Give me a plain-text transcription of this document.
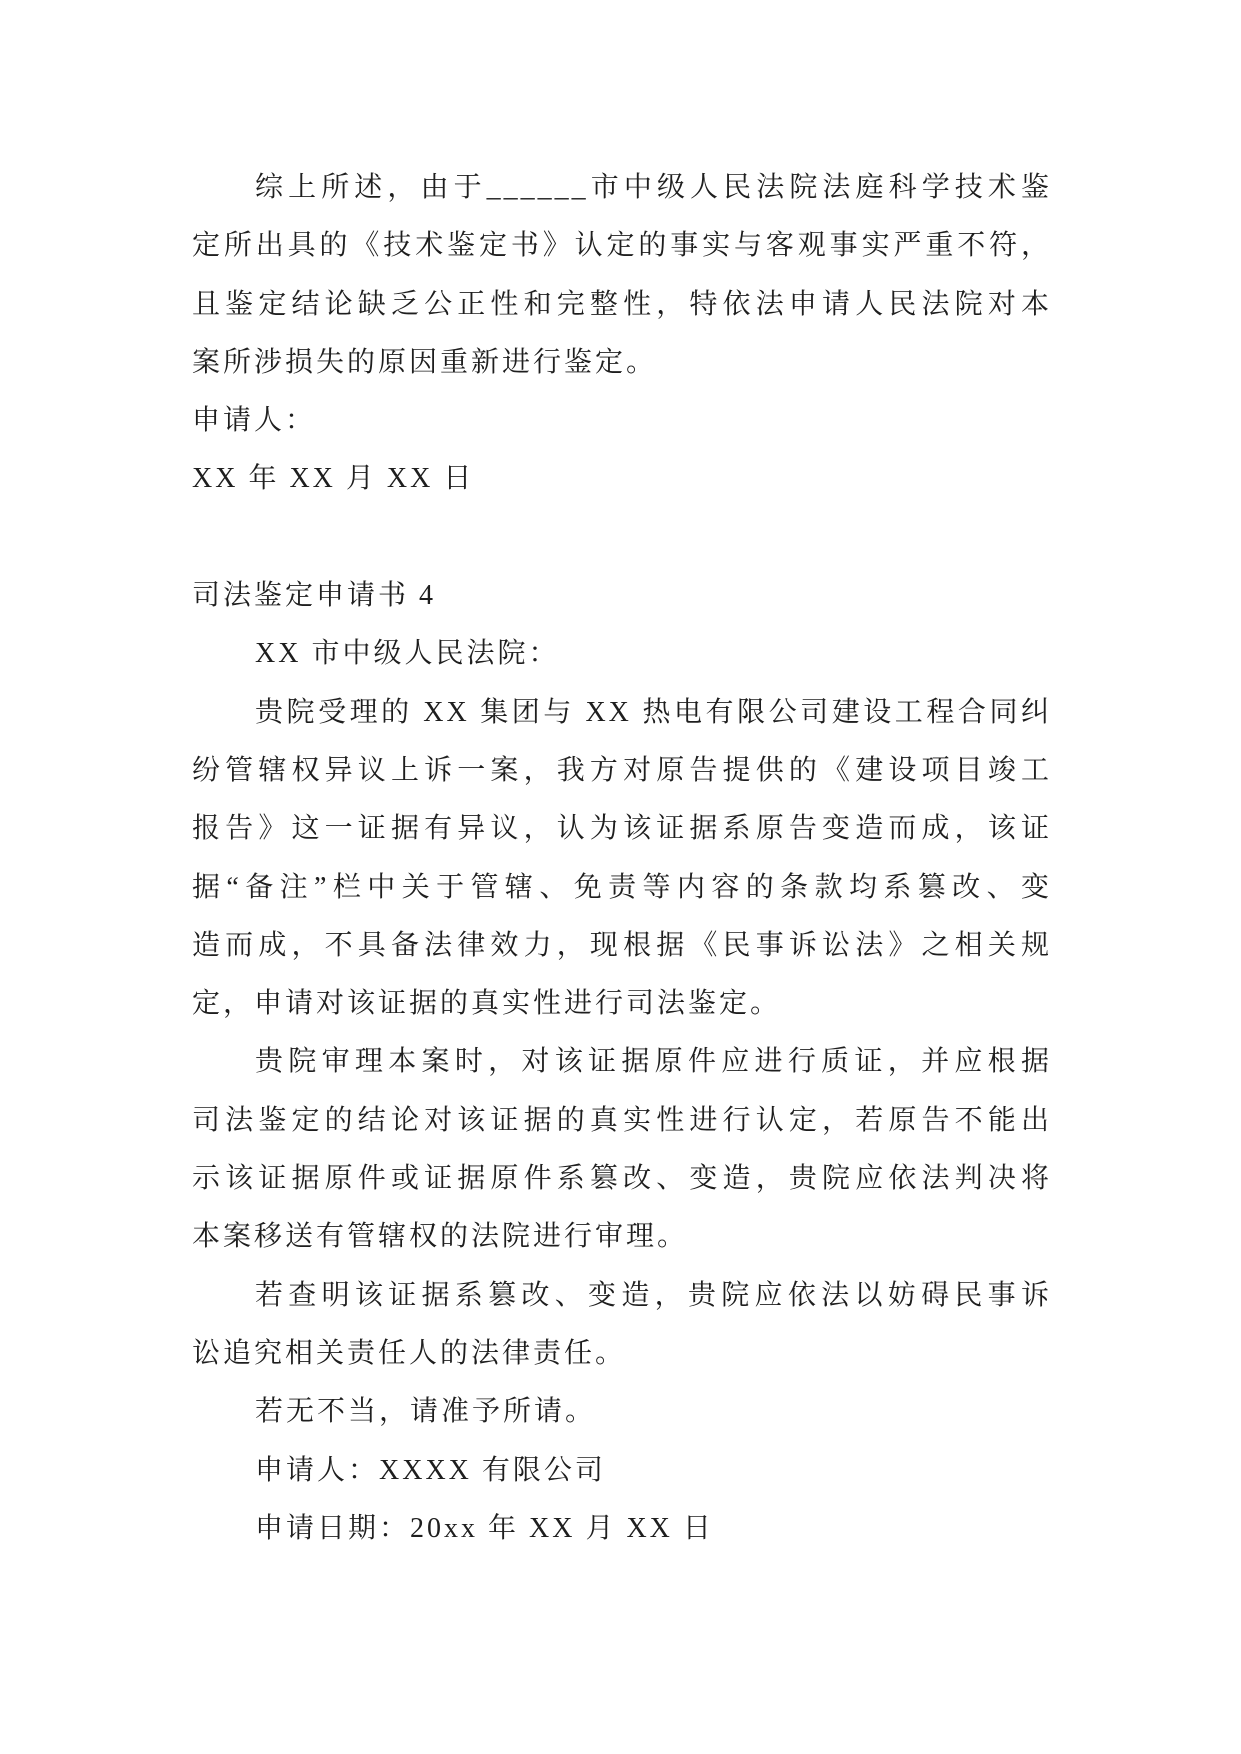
综上所述，由于______市中级人民法院法庭科学技术鉴
定所出具的《技术鉴定书》认定的事实与客观事实严重不符，
且鉴定结论缺乏公正性和完整性，特依法申请人民法院对本
案所涉损失的原因重新进行鉴定。
申请人：
XX 年 XX 月 XX 日
司法鉴定申请书 4
XX 市中级人民法院：
贵院受理的 XX 集团与 XX 热电有限公司建设工程合同纠
纷管辖权异议上诉一案，我方对原告提供的《建设项目竣工
报告》这一证据有异议，认为该证据系原告变造而成，该证
据“备注”栏中关于管辖、免责等内容的条款均系篡改、变
造而成，不具备法律效力，现根据《民事诉讼法》之相关规
定，申请对该证据的真实性进行司法鉴定。
贵院审理本案时，对该证据原件应进行质证，并应根据
司法鉴定的结论对该证据的真实性进行认定，若原告不能出
示该证据原件或证据原件系篡改、变造，贵院应依法判决将
本案移送有管辖权的法院进行审理。
若查明该证据系篡改、变造，贵院应依法以妨碍民事诉
讼追究相关责任人的法律责任。
若无不当，请准予所请。
申请人：XXXX 有限公司
申请日期：20xx 年 XX 月 XX 日
